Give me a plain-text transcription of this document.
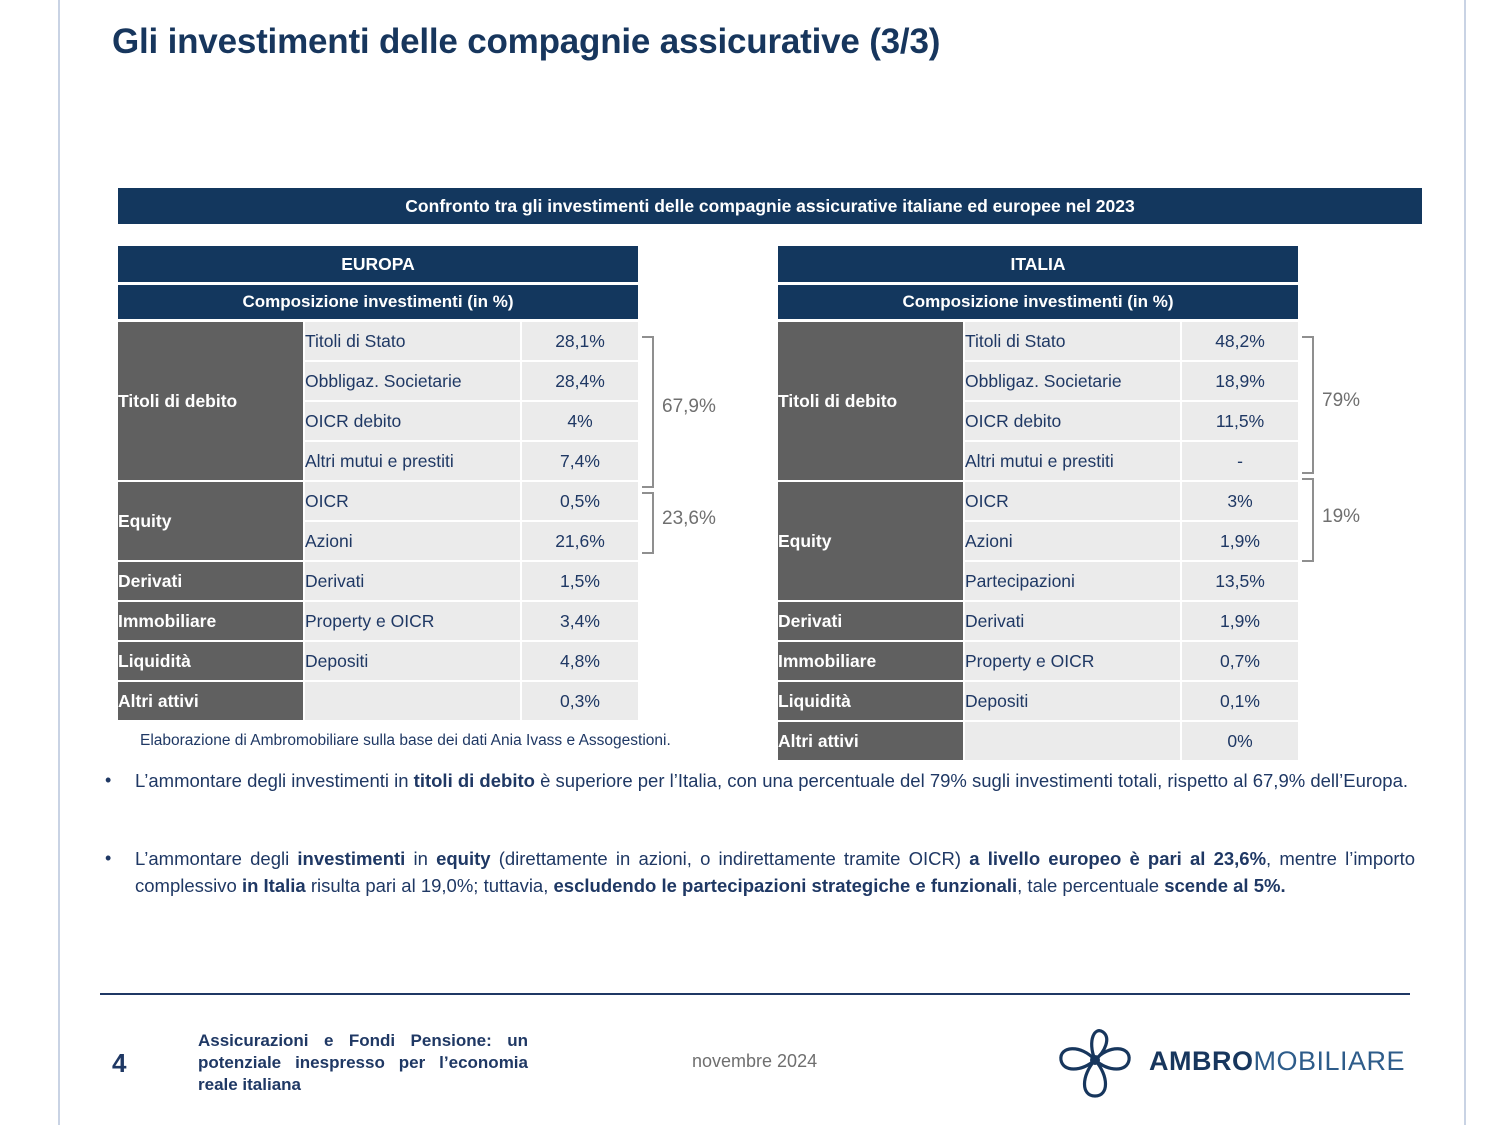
Gli investimenti delle compagnie assicurative (3/3)
Confronto tra gli investimenti delle compagnie assicurative italiane ed europee nel 2023
EUROPA
Composizione investimenti (in %)
Titoli di debito	Titoli di Stato	28,1%
	Obbligaz. Societarie	28,4%
	OICR debito	4%
	Altri mutui e prestiti	7,4%
Equity	OICR	0,5%
	Azioni	21,6%
Derivati	Derivati	1,5%
Immobiliare	Property e OICR	3,4%
Liquidità	Depositi	4,8%
Altri attivi		0,3%
67,9%
23,6%
ITALIA
Composizione investimenti (in %)
Titoli di debito	Titoli di Stato	48,2%
	Obbligaz. Societarie	18,9%
	OICR debito	11,5%
	Altri mutui e prestiti	-
Equity	OICR	3%
	Azioni	1,9%
	Partecipazioni	13,5%
Derivati	Derivati	1,9%
Immobiliare	Property e OICR	0,7%
Liquidità	Depositi	0,1%
Altri attivi		0%
79%
19%
Elaborazione di Ambromobiliare sulla base dei dati Ania Ivass e Assogestioni.
•	L’ammontare degli investimenti in titoli di debito è superiore per l’Italia, con una percentuale del 79% sugli investimenti totali, rispetto al 67,9% dell’Europa.
•	L’ammontare degli investimenti in equity (direttamente in azioni, o indirettamente tramite OICR) a livello europeo è pari al 23,6%, mentre l’importo complessivo in Italia risulta pari al 19,0%; tuttavia, escludendo le partecipazioni strategiche e funzionali, tale percentuale scende al 5%.
4
Assicurazioni e Fondi Pensione: un potenziale inespresso per l’economia reale italiana
novembre 2024	AMBROMOBILIARE
